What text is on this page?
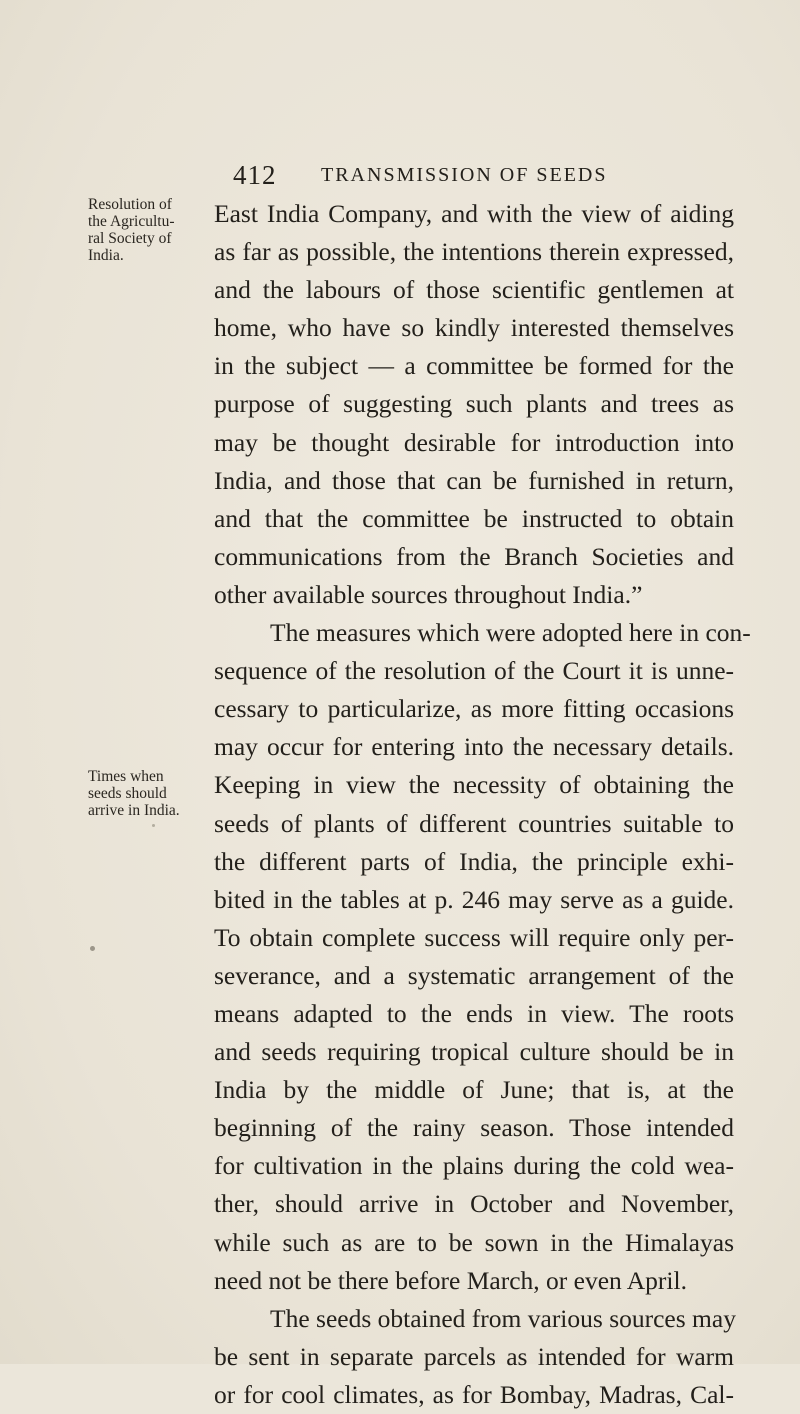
412 TRANSMISSION OF SEEDS
Resolution of
the Agricultu-
ral Society of
India.
Times when
seeds should
arrive in India.
East India Company, and with the view of aiding
as far as possible, the intentions therein expressed,
and the labours of those scientific gentlemen at
home, who have so kindly interested themselves
in the subject — a committee be formed for the
purpose of suggesting such plants and trees as
may be thought desirable for introduction into
India, and those that can be furnished in return,
and that the committee be instructed to obtain
communications from the Branch Societies and
other available sources throughout India.”
The measures which were adopted here in con-
sequence of the resolution of the Court it is unne-
cessary to particularize, as more fitting occasions
may occur for entering into the necessary details.
Keeping in view the necessity of obtaining the
seeds of plants of different countries suitable to
the different parts of India, the principle exhi-
bited in the tables at p. 246 may serve as a guide.
To obtain complete success will require only per-
severance, and a systematic arrangement of the
means adapted to the ends in view. The roots
and seeds requiring tropical culture should be in
India by the middle of June; that is, at the
beginning of the rainy season. Those intended
for cultivation in the plains during the cold wea-
ther, should arrive in October and November,
while such as are to be sown in the Himalayas
need not be there before March, or even April.
The seeds obtained from various sources may
be sent in separate parcels as intended for warm
or for cool climates, as for Bombay, Madras, Cal-
